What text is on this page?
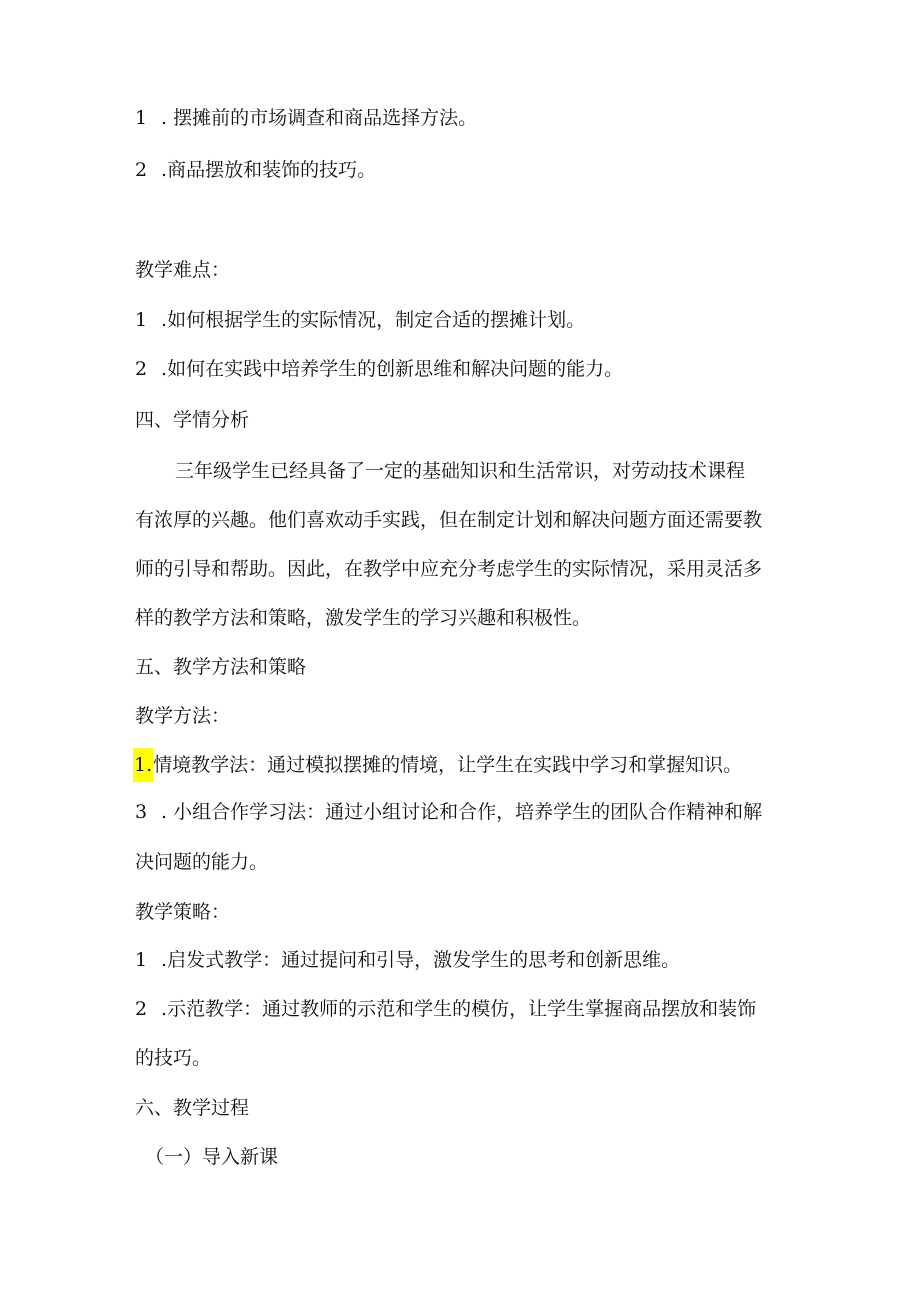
1 . 摆摊前的市场调查和商品选择方法。
2 .商品摆放和装饰的技巧。
教学难点：
1 .如何根据学生的实际情况，制定合适的摆摊计划。
2 .如何在实践中培养学生的创新思维和解决问题的能力。
四、学情分析
三年级学生已经具备了一定的基础知识和生活常识，对劳动技术课程
有浓厚的兴趣。他们喜欢动手实践，但在制定计划和解决问题方面还需要教
师的引导和帮助。因此，在教学中应充分考虑学生的实际情况，采用灵活多
样的教学方法和策略，激发学生的学习兴趣和积极性。
五、教学方法和策略
教学方法：
1.情境教学法：通过模拟摆摊的情境，让学生在实践中学习和掌握知识。
3 . 小组合作学习法：通过小组讨论和合作，培养学生的团队合作精神和解
决问题的能力。
教学策略：
1 .启发式教学：通过提问和引导，激发学生的思考和创新思维。
2 .示范教学：通过教师的示范和学生的模仿，让学生掌握商品摆放和装饰
的技巧。
六、教学过程
（一）导入新课
